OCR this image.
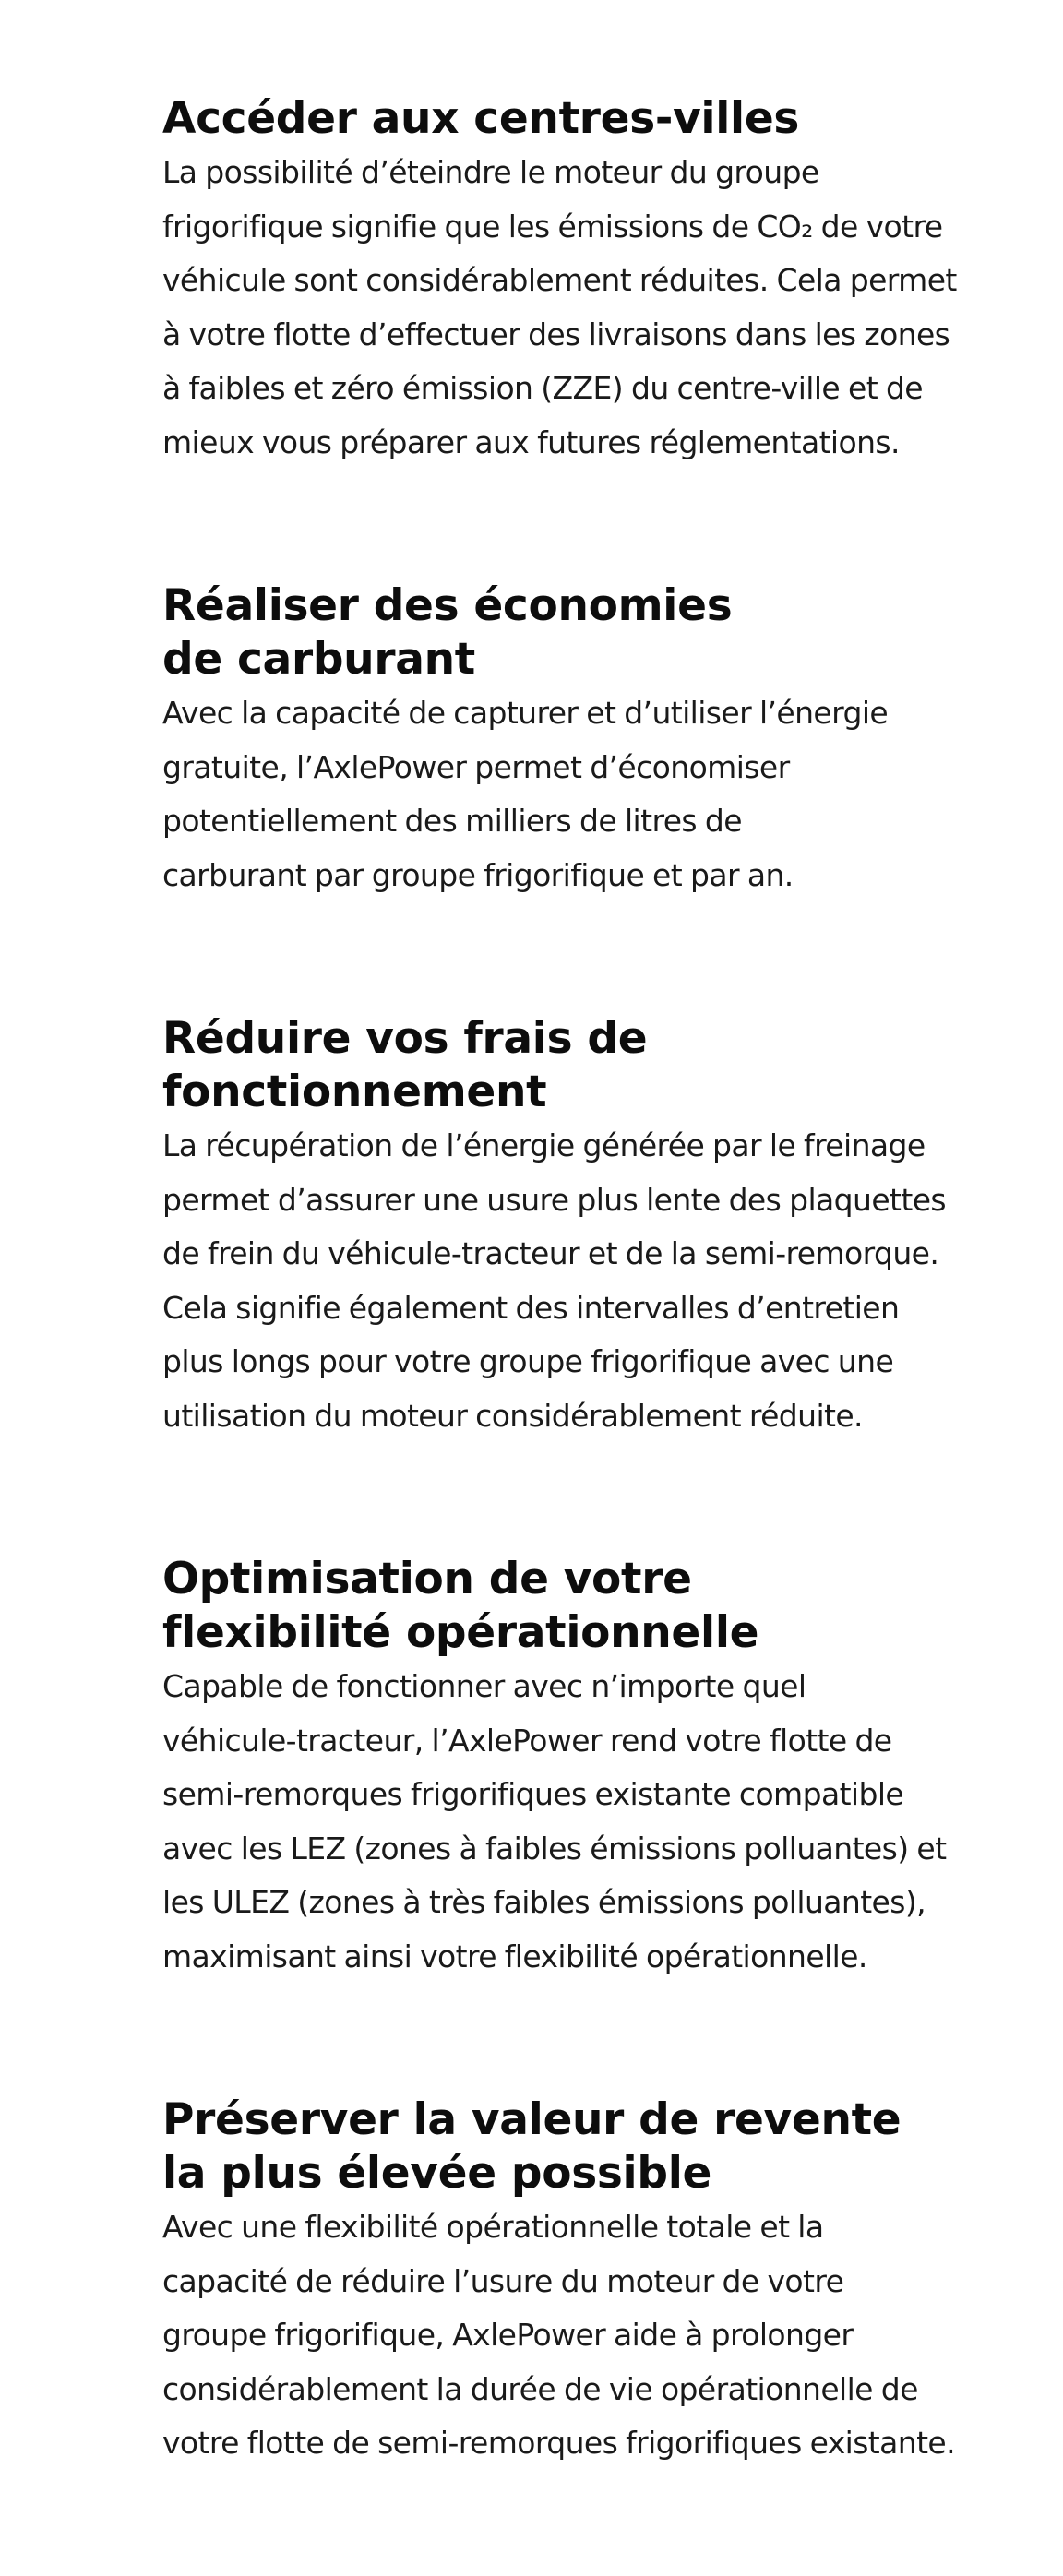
Accéder aux centres-villes

La possibilité d’éteindre le moteur du groupe
frigorifique signifie que les émissions de CO₂ de votre
véhicule sont considérablement réduites. Cela permet
à votre flotte d’effectuer des livraisons dans les zones
à faibles et zéro émission (ZZE) du centre-ville et de
mieux vous préparer aux futures réglementations.

Réaliser des économies
de carburant

Avec la capacité de capturer et d’utiliser l’énergie
gratuite, l’AxlePower permet d’économiser
potentiellement des milliers de litres de
carburant par groupe frigorifique et par an.

Réduire vos frais de
fonctionnement

La récupération de l’énergie générée par le freinage
permet d’assurer une usure plus lente des plaquettes
de frein du véhicule-tracteur et de la semi-remorque.
Cela signifie également des intervalles d’entretien
plus longs pour votre groupe frigorifique avec une
utilisation du moteur considérablement réduite.

Optimisation de votre
flexibilité opérationnelle

Capable de fonctionner avec n’importe quel
véhicule-tracteur, l’AxlePower rend votre flotte de
semi-remorques frigorifiques existante compatible
avec les LEZ (zones à faibles émissions polluantes) et
les ULEZ (zones à très faibles émissions polluantes),
maximisant ainsi votre flexibilité opérationnelle.

Préserver la valeur de revente
la plus élevée possible

Avec une flexibilité opérationnelle totale et la
capacité de réduire l’usure du moteur de votre
groupe frigorifique, AxlePower aide à prolonger
considérablement la durée de vie opérationnelle de
votre flotte de semi-remorques frigorifiques existante.
